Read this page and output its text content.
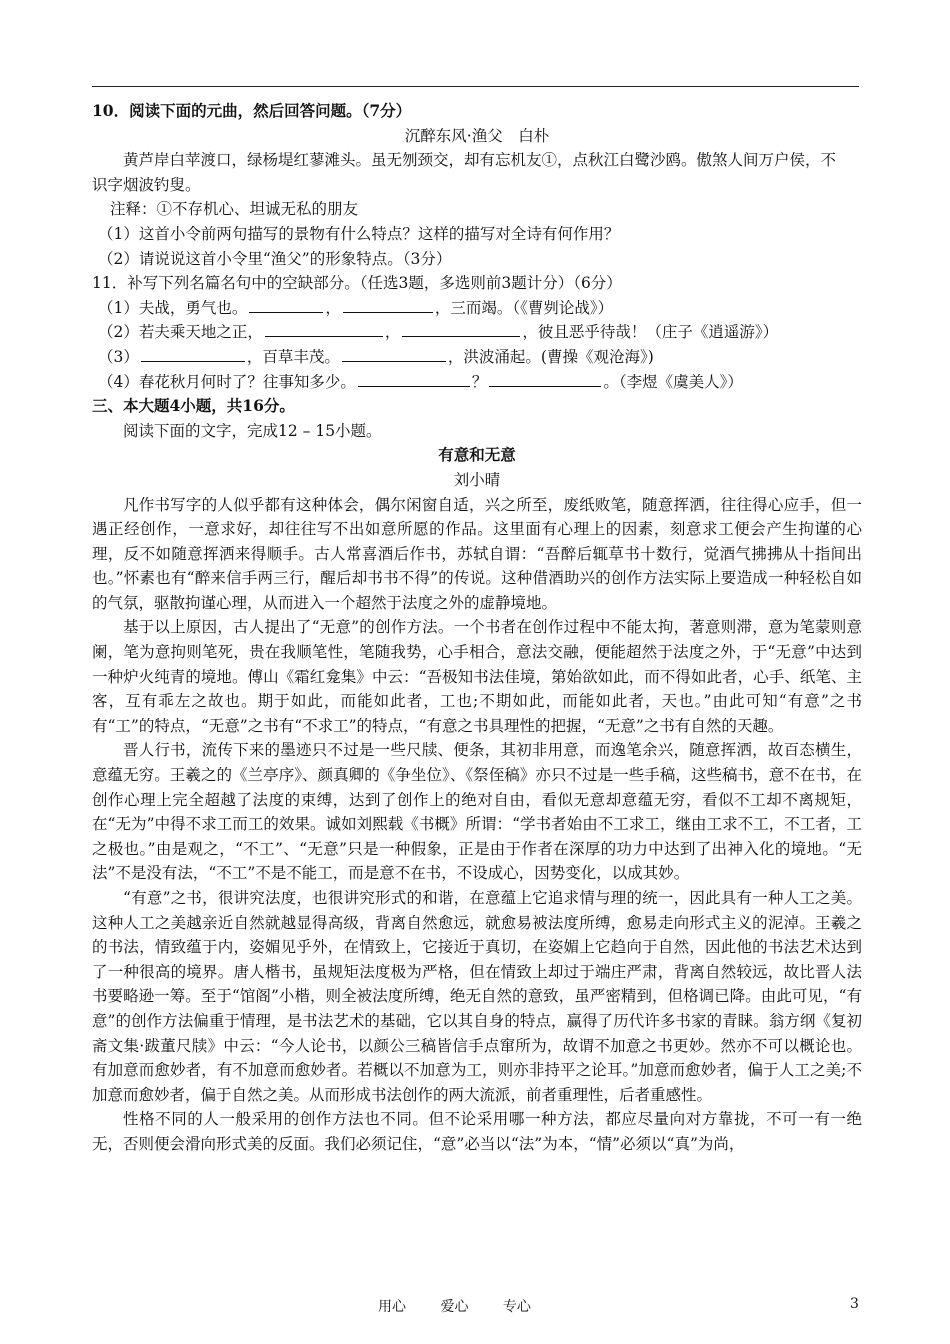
10．阅读下面的元曲，然后回答问题。（7分）

沉醉东风·渔父　白朴

黄芦岸白苹渡口，绿杨堤红蓼滩头。虽无刎颈交，却有忘机友①，点秋江白鹭沙鸥。傲煞人间万户侯，不

识字烟波钓叟。

注释：①不存机心、坦诚无私的朋友

（1）这首小令前两句描写的景物有什么特点？这样的描写对全诗有何作用？

（2）请说说这首小令里“渔父”的形象特点。（3分）

11．补写下列名篇名句中的空缺部分。（任选3题，多选则前3题计分）（6分）

（1）夫战，勇气也。	，	，三而竭。（《曹刿论战》）

（2）若夫乘天地之正，	，	，彼且恶乎待哉！（庄子《逍遥游》）

（3）	，百草丰茂。	，洪波涌起。(曹操《观沧海》)

（4）春花秋月何时了？往事知多少。	？	。（李煜《虞美人》）

三、本大题4小题，共16分。

阅读下面的文字，完成12 – 15小题。

有意和无意

刘小晴

凡作书写字的人似乎都有这种体会，偶尔闲窗自适，兴之所至，废纸败笔，随意挥洒，往往得心应手，但一遇正经创作，一意求好，却往往写不出如意所愿的作品。这里面有心理上的因素，刻意求工便会产生拘谨的心理，反不如随意挥洒来得顺手。古人常喜酒后作书，苏轼自谓：“吾醉后辄草书十数行，觉酒气拂拂从十指间出也。”怀素也有“醉来信手两三行，醒后却书书不得”的传说。这种借酒助兴的创作方法实际上要造成一种轻松自如的气氛，驱散拘谨心理，从而进入一个超然于法度之外的虚静境地。

基于以上原因，古人提出了“无意”的创作方法。一个书者在创作过程中不能太拘，著意则滞，意为笔蒙则意阑，笔为意拘则笔死，贵在我顺笔性，笔随我势，心手相合，意法交融，便能超然于法度之外，于“无意”中达到一种炉火纯青的境地。傅山《霜红龛集》中云：“吾极知书法佳境，第始欲如此，而不得如此者，心手、纸笔、主客，互有乖左之故也。期于如此，而能如此者，工也;不期如此，而能如此者，天也。”由此可知“有意”之书有“工”的特点，“无意”之书有“不求工”的特点，“有意之书具理性的把握，“无意”之书有自然的天趣。

晋人行书，流传下来的墨迹只不过是一些尺牍、便条，其初非用意，而逸笔余兴，随意挥洒，故百态横生，意蕴无穷。王羲之的《兰亭序》、颜真卿的《争坐位》、《祭侄稿》亦只不过是一些手稿，这些稿书，意不在书，在创作心理上完全超越了法度的束缚，达到了创作上的绝对自由，看似无意却意蕴无穷，看似不工却不离规矩，在“无为”中得不求工而工的效果。诚如刘熙载《书概》所谓：“学书者始由不工求工，继由工求不工，不工者，工之极也。”由是观之，“不工”、“无意”只是一种假象，正是由于作者在深厚的功力中达到了出神入化的境地。“无法”不是没有法，“不工”不是不能工，而是意不在书，不设成心，因势变化，以成其妙。

“有意”之书，很讲究法度，也很讲究形式的和谐，在意蕴上它追求情与理的统一，因此具有一种人工之美。这种人工之美越亲近自然就越显得高级，背离自然愈远，就愈易被法度所缚，愈易走向形式主义的泥淖。王羲之的书法，情致蕴于内，姿媚见乎外，在情致上，它接近于真切，在姿媚上它趋向于自然，因此他的书法艺术达到了一种很高的境界。唐人楷书，虽规矩法度极为严格，但在情致上却过于端庄严肃，背离自然较远，故比晋人法书要略逊一筹。至于“馆阁”小楷，则全被法度所缚，绝无自然的意致，虽严密精到，但格调已降。由此可见，“有意”的创作方法偏重于情理，是书法艺术的基础，它以其自身的特点，赢得了历代许多书家的青睐。翁方纲《复初斋文集·跋董尺牍》中云：“今人论书，以颜公三稿皆信手点窜所为，故谓不加意之书更妙。然亦不可以概论也。有加意而愈妙者，有不加意而愈妙者。若概以不加意为工，则亦非持平之论耳。”加意而愈妙者，偏于人工之美;不加意而愈妙者，偏于自然之美。从而形成书法创作的两大流派，前者重理性，后者重感性。

性格不同的人一般采用的创作方法也不同。但不论采用哪一种方法，都应尽量向对方靠拢，不可一有一绝无，否则便会滑向形式美的反面。我们必须记住，“意”必当以“法”为本，“情”必须以“真”为尚，

用心 爱心 专心	3
